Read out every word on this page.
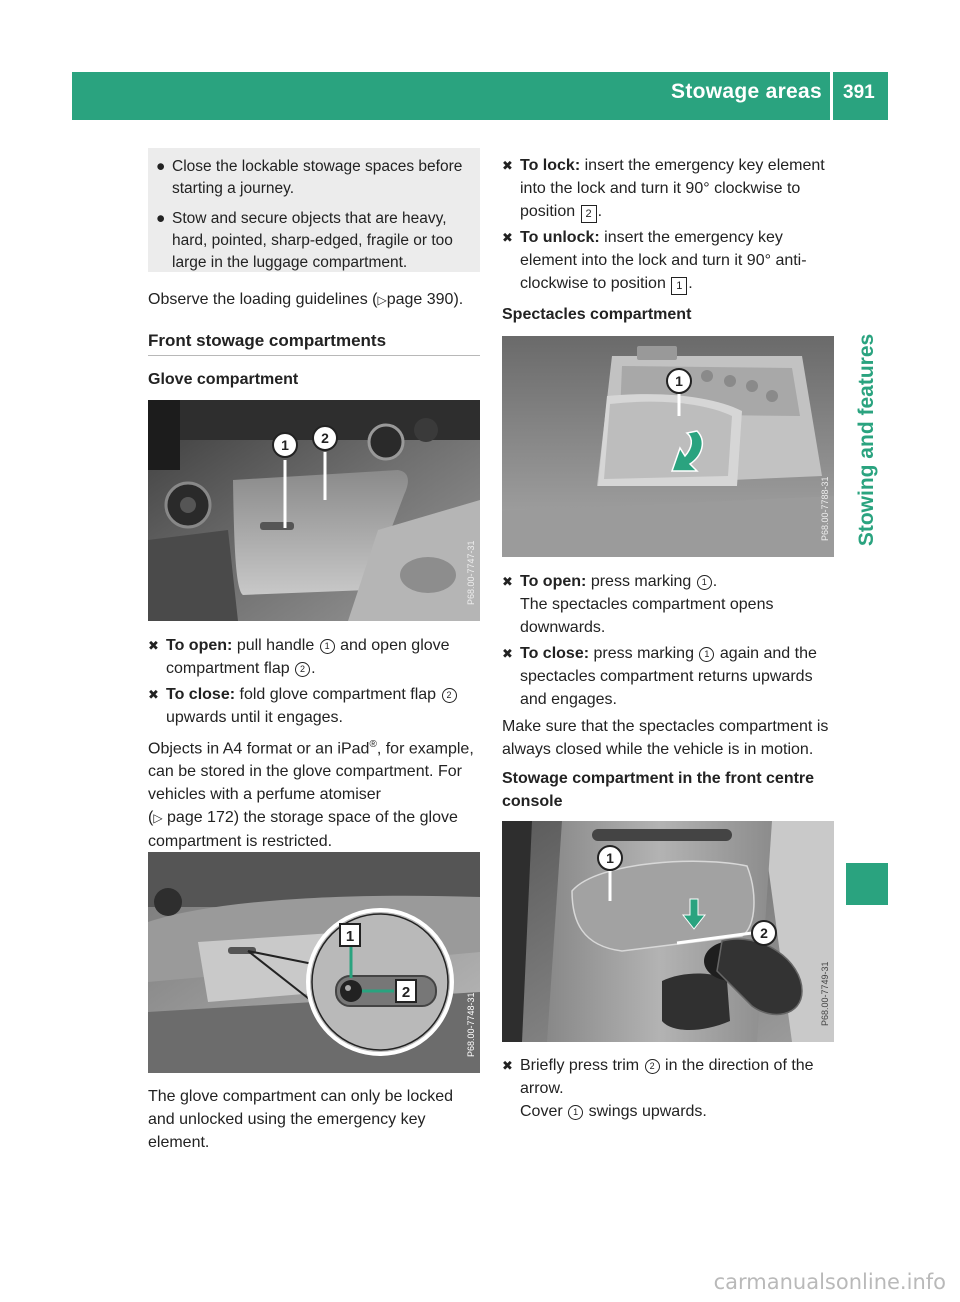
Stowage areas 391
Stowing and features
● Close the lockable stowage spaces before starting a journey.
● Stow and secure objects that are heavy, hard, pointed, sharp-edged, fragile or too large in the luggage compartment.
Observe the loading guidelines (▷page 390).
Front stowage compartments
Glove compartment
1 2
P68.00-7747-31
✖ To open: pull handle 1 and open glove compartment flap 2 .
✖ To close: fold glove compartment flap 2 upwards until it engages.

Objects in A4 format or an iPad®, for example, can be stored in the glove compartment. For vehicles with a perfume atomiser
(▷ page 172) the storage space of the glove compartment is restricted.

1
2	P68.00-7748-31
The glove compartment can only be locked and unlocked using the emergency key element.
✖ To lock: insert the emergency key element into the lock and turn it 90° clockwise to position 2 .
✖ To unlock: insert the emergency key element into the lock and turn it 90° anti-clockwise to position 1 .
Spectacles compartment
1
P68.00-7788-31
✖ To open: press marking 1 .
The spectacles compartment opens downwards.
✖ To close: press marking 1 again and the spectacles compartment returns upwards and engages.

Make sure that the spectacles compartment is always closed while the vehicle is in motion.

Stowage compartment in the front centre console
1
2
P68.00-7749-31
✖ Briefly press trim 2 in the direction of the arrow.
Cover 1 swings upwards.
carmanualsonline.info
